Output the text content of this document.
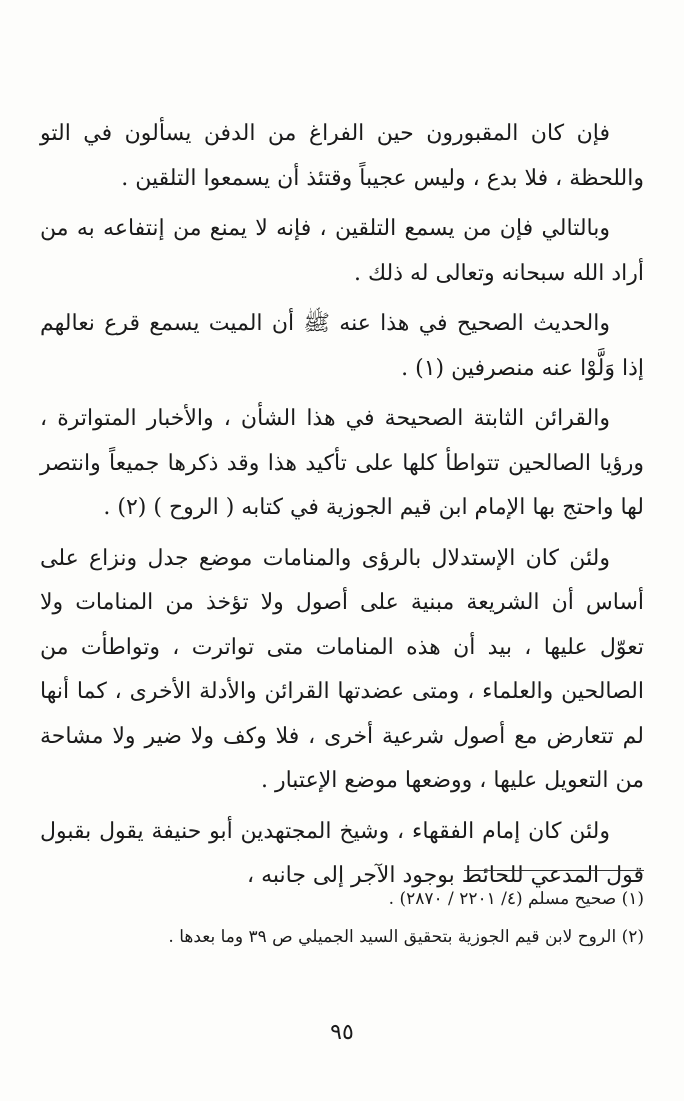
فإن كان المقبورون حين الفراغ من الدفن يسألون في التو واللحظة ، فلا بدع ، وليس عجيباً وقتئذ أن يسمعوا التلقين .

وبالتالي فإن من يسمع التلقين ، فإنه لا يمنع من إنتفاعه به من أراد الله سبحانه وتعالى له ذلك .

والحديث الصحيح في هذا عنه ﷺ أن الميت يسمع قرع نعالهم إذا وَلَّوْا عنه منصرفين (١) .

والقرائن الثابتة الصحيحة في هذا الشأن ، والأخبار المتواترة ، ورؤيا الصالحين تتواطأ كلها على تأكيد هذا وقد ذكرها جميعاً وانتصر لها واحتج بها الإمام ابن قيم الجوزية في كتابه ( الروح ) (٢) .

ولئن كان الإستدلال بالرؤى والمنامات موضع جدل ونزاع على أساس أن الشريعة مبنية على أصول ولا تؤخذ من المنامات ولا تعوّل عليها ، بيد أن هذه المنامات متى تواترت ، وتواطأت من الصالحين والعلماء ، ومتى عضدتها القرائن والأدلة الأخرى ، كما أنها لم تتعارض مع أصول شرعية أخرى ، فلا وكف ولا ضير ولا مشاحة من التعويل عليها ، ووضعها موضع الإعتبار .

ولئن كان إمام الفقهاء ، وشيخ المجتهدين أبو حنيفة يقول بقبول قول المدعي للحائط بوجود الآجر إلى جانبه ،

(١) صحيح مسلم (٤/ ٢٢٠١ / ٢٨٧٠) .
(٢) الروح لابن قيم الجوزية بتحقيق السيد الجميلي ص ٣٩ وما بعدها .
٩٥
